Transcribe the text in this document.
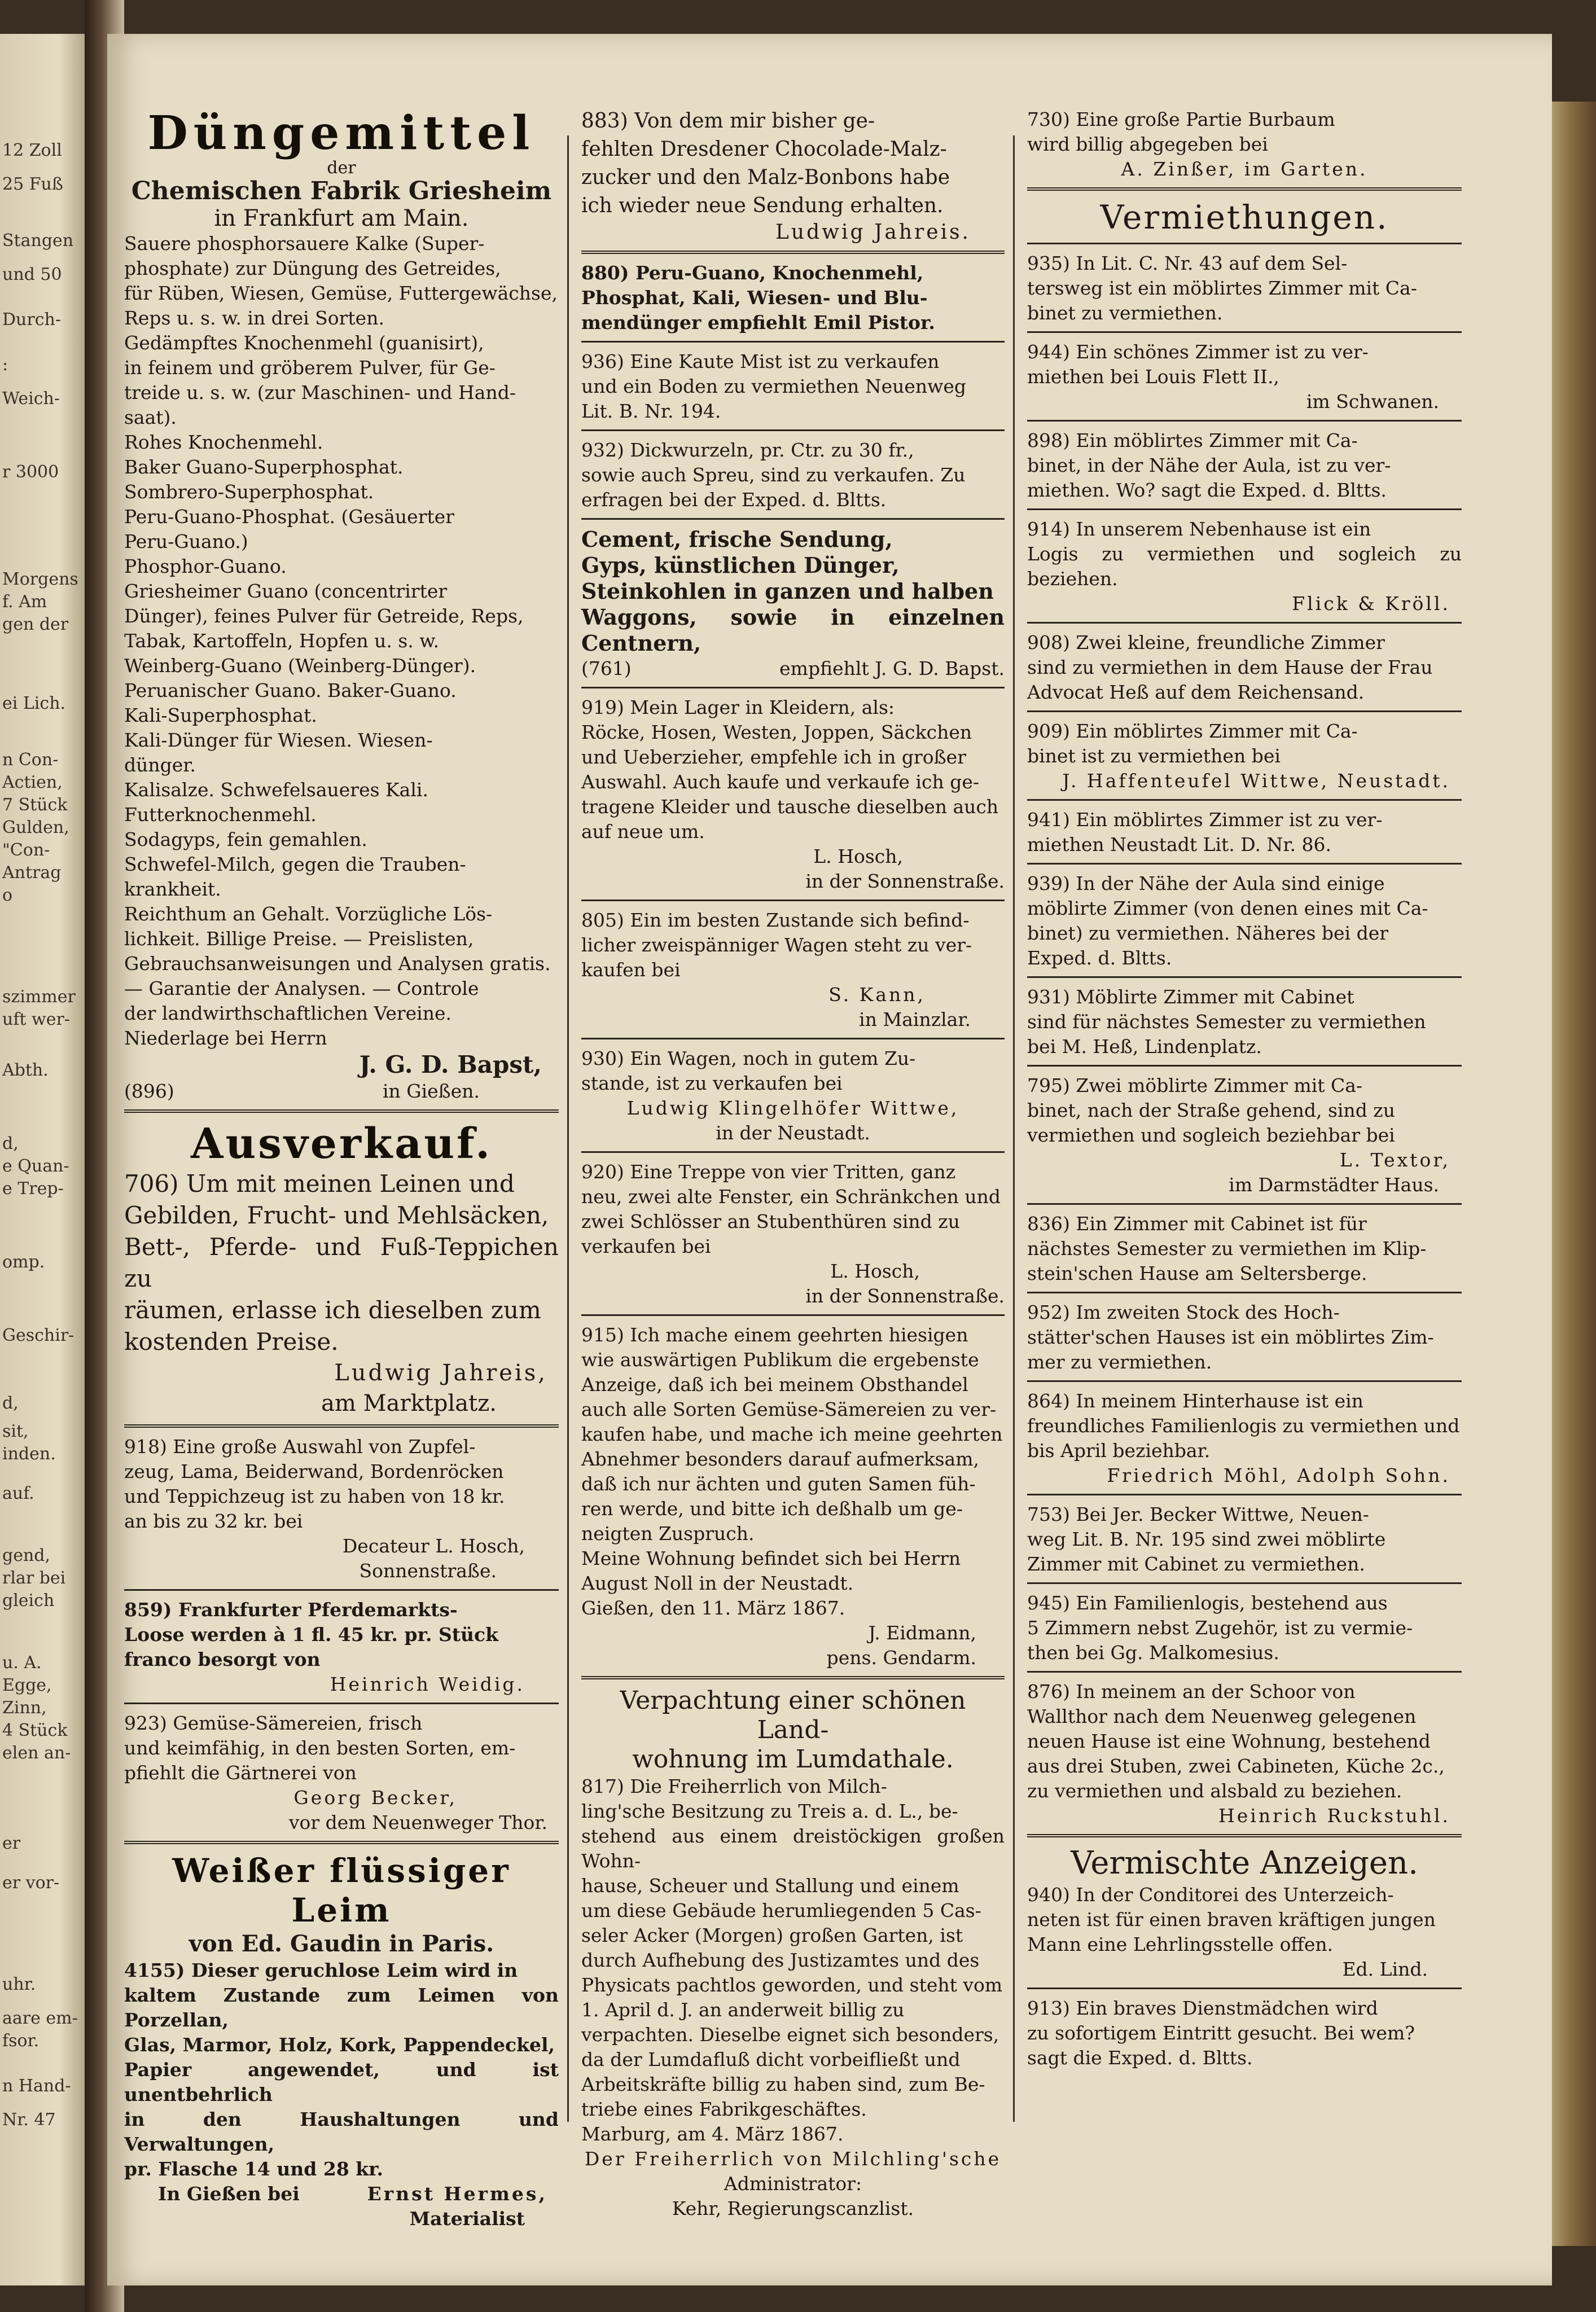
12 Zoll
25 Fuß
Stangen
und 50
Durch-
:
Weich-
r 3000
Morgens
f. Am
gen der
ei Lich.
n Con-
Actien,
7 Stück
Gulden,
"Con-
Antrag
o
szimmer
uft wer-
Abth.
d,
e Quan-
e Trep-
omp.
Geschir-
d,
sit,
inden.
auf.
gend,
rlar bei
gleich
u. A.
Egge,
Zinn,
4 Stück
elen an-
er
er vor-
uhr.
aare em-
fsor.
n Hand-
Nr. 47
Düngemittel
der
Chemischen Fabrik Griesheim
in Frankfurt am Main.

Sauere phosphorsauere Kalke (Super-

phosphate) zur Düngung des Getreides,

für Rüben, Wiesen, Gemüse, Futtergewächse,

Reps u. s. w. in drei Sorten.

Gedämpftes Knochenmehl (guanisirt),

in feinem und gröberem Pulver, für Ge-

treide u. s. w. (zur Maschinen- und Hand-

saat).

Rohes Knochenmehl.

Baker Guano-Superphosphat.

Sombrero-Superphosphat.

Peru-Guano-Phosphat. (Gesäuerter

Peru-Guano.)

Phosphor-Guano.

Griesheimer Guano (concentrirter

Dünger), feines Pulver für Getreide, Reps,

Tabak, Kartoffeln, Hopfen u. s. w.

Weinberg-Guano (Weinberg-Dünger).

Peruanischer Guano. Baker-Guano.

Kali-Superphosphat.

Kali-Dünger für Wiesen. Wiesen-

dünger.

Kalisalze. Schwefelsaueres Kali.

Futterknochenmehl.

Sodagyps, fein gemahlen.

Schwefel-Milch, gegen die Trauben-

krankheit.

Reichthum an Gehalt. Vorzügliche Lös-

lichkeit. Billige Preise. — Preislisten,

Gebrauchsanweisungen und Analysen gratis.

— Garantie der Analysen. — Controle

der landwirthschaftlichen Vereine.

Niederlage bei Herrn

J. G. D. Bapst,
(896)	in Gießen.
Ausverkauf.

706) Um mit meinen Leinen und

Gebilden, Frucht- und Mehlsäcken,

Bett-, Pferde- und Fuß-Teppichen zu

räumen, erlasse ich dieselben zum

kostenden Preise.

Ludwig Jahreis,
am Marktplatz.

918) Eine große Auswahl von Zupfel-

zeug, Lama, Beiderwand, Bordenröcken

und Teppichzeug ist zu haben von 18 kr.

an bis zu 32 kr. bei

Decateur L. Hosch,
Sonnenstraße.

859) Frankfurter Pferdemarkts-

Loose werden à 1 fl. 45 kr. pr. Stück

franco besorgt von

Heinrich Weidig.

923) Gemüse-Sämereien, frisch

und keimfähig, in den besten Sorten, em-

pfiehlt die Gärtnerei von

Georg Becker,
vor dem Neuenweger Thor.
Weißer flüssiger Leim
von Ed. Gaudin in Paris.

4155) Dieser geruchlose Leim wird in

kaltem Zustande zum Leimen von Porzellan,

Glas, Marmor, Holz, Kork, Pappendeckel,

Papier angewendet, und ist unentbehrlich

in den Haushaltungen und Verwaltungen,

pr. Flasche 14 und 28 kr.

In Gießen bei	Ernst Hermes,
Materialist

883) Von dem mir bisher ge-

fehlten Dresdener Chocolade-Malz-

zucker und den Malz-Bonbons habe

ich wieder neue Sendung erhalten.

Ludwig Jahreis.

880) Peru-Guano, Knochenmehl,

Phosphat, Kali, Wiesen- und Blu-

mendünger empfiehlt Emil Pistor.

936) Eine Kaute Mist ist zu verkaufen

und ein Boden zu vermiethen Neuenweg

Lit. B. Nr. 194.

932) Dickwurzeln, pr. Ctr. zu 30 fr.,

sowie auch Spreu, sind zu verkaufen. Zu

erfragen bei der Exped. d. Bltts.

Cement, frische Sendung,

Gyps, künstlichen Dünger,

Steinkohlen in ganzen und halben

Waggons, sowie in einzelnen Centnern,

(761)	empfiehlt J. G. D. Bapst.

919) Mein Lager in Kleidern, als:

Röcke, Hosen, Westen, Joppen, Säckchen

und Ueberzieher, empfehle ich in großer

Auswahl. Auch kaufe und verkaufe ich ge-

tragene Kleider und tausche dieselben auch

auf neue um.

L. Hosch,
in der Sonnenstraße.

805) Ein im besten Zustande sich befind-

licher zweispänniger Wagen steht zu ver-

kaufen bei

S. Kann,
in Mainzlar.

930) Ein Wagen, noch in gutem Zu-

stande, ist zu verkaufen bei

Ludwig Klingelhöfer Wittwe,
in der Neustadt.

920) Eine Treppe von vier Tritten, ganz

neu, zwei alte Fenster, ein Schränkchen und

zwei Schlösser an Stubenthüren sind zu

verkaufen bei

L. Hosch,
in der Sonnenstraße.

915) Ich mache einem geehrten hiesigen

wie auswärtigen Publikum die ergebenste

Anzeige, daß ich bei meinem Obsthandel

auch alle Sorten Gemüse-Sämereien zu ver-

kaufen habe, und mache ich meine geehrten

Abnehmer besonders darauf aufmerksam,

daß ich nur ächten und guten Samen füh-

ren werde, und bitte ich deßhalb um ge-

neigten Zuspruch.

Meine Wohnung befindet sich bei Herrn

August Noll in der Neustadt.

Gießen, den 11. März 1867.

J. Eidmann,
pens. Gendarm.
Verpachtung einer schönen Land-
wohnung im Lumdathale.

817) Die Freiherrlich von Milch-

ling'sche Besitzung zu Treis a. d. L., be-

stehend aus einem dreistöckigen großen Wohn-

hause, Scheuer und Stallung und einem

um diese Gebäude herumliegenden 5 Cas-

seler Acker (Morgen) großen Garten, ist

durch Aufhebung des Justizamtes und des

Physicats pachtlos geworden, und steht vom

1. April d. J. an anderweit billig zu

verpachten. Dieselbe eignet sich besonders,

da der Lumdafluß dicht vorbeifließt und

Arbeitskräfte billig zu haben sind, zum Be-

triebe eines Fabrikgeschäftes.

Marburg, am 4. März 1867.

Der Freiherrlich von Milchling'sche
Administrator:
Kehr, Regierungscanzlist.

730) Eine große Partie Burbaum

wird billig abgegeben bei

A. Zinßer, im Garten.
Vermiethungen.

935) In Lit. C. Nr. 43 auf dem Sel-

tersweg ist ein möblirtes Zimmer mit Ca-

binet zu vermiethen.

944) Ein schönes Zimmer ist zu ver-

miethen bei Louis Flett II.,

im Schwanen.

898) Ein möblirtes Zimmer mit Ca-

binet, in der Nähe der Aula, ist zu ver-

miethen. Wo? sagt die Exped. d. Bltts.

914) In unserem Nebenhause ist ein

Logis zu vermiethen und sogleich zu beziehen.

Flick & Kröll.

908) Zwei kleine, freundliche Zimmer

sind zu vermiethen in dem Hause der Frau

Advocat Heß auf dem Reichensand.

909) Ein möblirtes Zimmer mit Ca-

binet ist zu vermiethen bei

J. Haffenteufel Wittwe, Neustadt.

941) Ein möblirtes Zimmer ist zu ver-

miethen Neustadt Lit. D. Nr. 86.

939) In der Nähe der Aula sind einige

möblirte Zimmer (von denen eines mit Ca-

binet) zu vermiethen. Näheres bei der

Exped. d. Bltts.

931) Möblirte Zimmer mit Cabinet

sind für nächstes Semester zu vermiethen

bei M. Heß, Lindenplatz.

795) Zwei möblirte Zimmer mit Ca-

binet, nach der Straße gehend, sind zu

vermiethen und sogleich beziehbar bei

L. Textor,
im Darmstädter Haus.

836) Ein Zimmer mit Cabinet ist für

nächstes Semester zu vermiethen im Klip-

stein'schen Hause am Seltersberge.

952) Im zweiten Stock des Hoch-

stätter'schen Hauses ist ein möblirtes Zim-

mer zu vermiethen.

864) In meinem Hinterhause ist ein

freundliches Familienlogis zu vermiethen und

bis April beziehbar.

Friedrich Möhl, Adolph Sohn.

753) Bei Jer. Becker Wittwe, Neuen-

weg Lit. B. Nr. 195 sind zwei möblirte

Zimmer mit Cabinet zu vermiethen.

945) Ein Familienlogis, bestehend aus

5 Zimmern nebst Zugehör, ist zu vermie-

then bei Gg. Malkomesius.

876) In meinem an der Schoor von

Wallthor nach dem Neuenweg gelegenen

neuen Hause ist eine Wohnung, bestehend

aus drei Stuben, zwei Cabineten, Küche 2c.,

zu vermiethen und alsbald zu beziehen.

Heinrich Ruckstuhl.
Vermischte Anzeigen.

940) In der Conditorei des Unterzeich-

neten ist für einen braven kräftigen jungen

Mann eine Lehrlingsstelle offen.

Ed. Lind.

913) Ein braves Dienstmädchen wird

zu sofortigem Eintritt gesucht. Bei wem?

sagt die Exped. d. Bltts.
